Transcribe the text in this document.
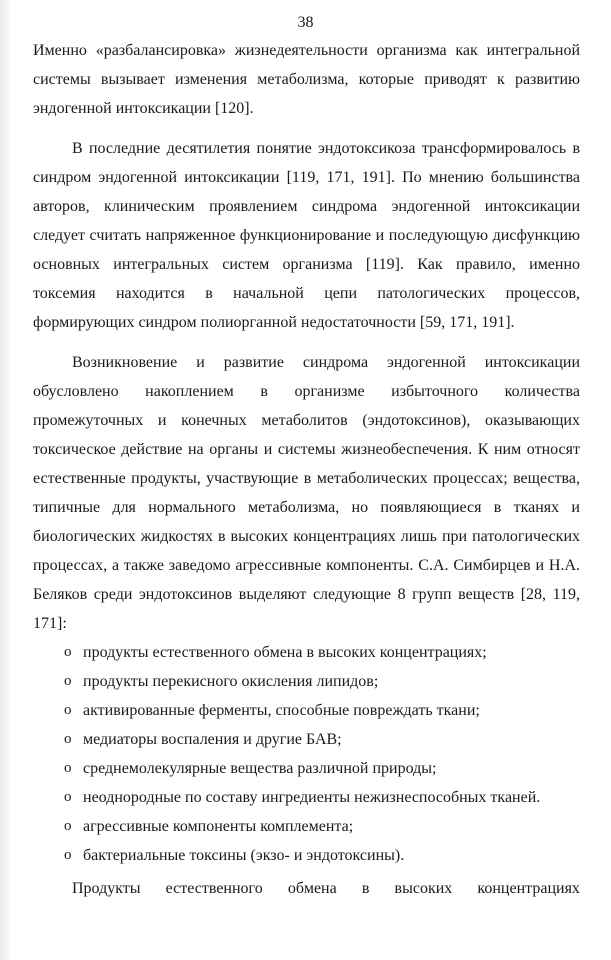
38

Именно «разбалансировка» жизнедеятельности организма как интегральной системы вызывает изменения метаболизма, которые приводят к развитию эндогенной интоксикации [120].

В последние десятилетия понятие эндотоксикоза трансформировалось в синдром эндогенной интоксикации [119, 171, 191]. По мнению большинства авторов, клиническим проявлением синдрома эндогенной интоксикации следует считать напряженное функционирование и последующую дисфункцию основных интегральных систем организма [119]. Как правило, именно токсемия находится в начальной цепи патологических процессов, формирующих синдром полиорганной недостаточности [59, 171, 191].

Возникновение и развитие синдрома эндогенной интоксикации обусловлено накоплением в организме избыточного количества промежуточных и конечных метаболитов (эндотоксинов), оказывающих токсическое действие на органы и системы жизнеобеспечения. К ним относят естественные продукты, участвующие в метаболических процессах; вещества, типичные для нормального метаболизма, но появляющиеся в тканях и биологических жидкостях в высоких концентрациях лишь при патологических процессах, а также заведомо агрессивные компоненты. С.А. Симбирцев и Н.А. Беляков среди эндотоксинов выделяют следующие 8 групп веществ [28, 119, 171]:

o продукты естественного обмена в высоких концентрациях;
o продукты перекисного окисления липидов;
o активированные ферменты, способные повреждать ткани;
o медиаторы воспаления и другие БАВ;
o среднемолекулярные вещества различной природы;
o неоднородные по составу ингредиенты нежизнеспособных тканей.
o агрессивные компоненты комплемента;
o бактериальные токсины (экзо- и эндотоксины).
Продукты естественного обмена в высоких концентрациях
